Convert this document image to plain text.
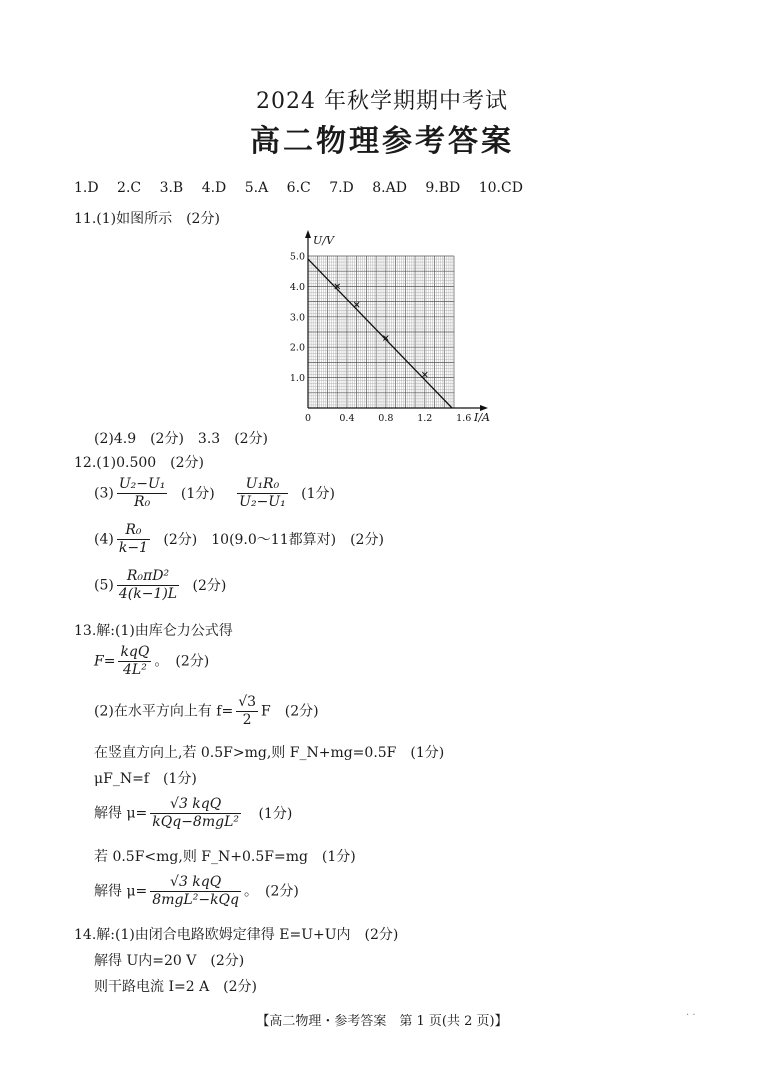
2024 年秋学期期中考试
高二物理参考答案
1.D 2.C 3.B 4.D 5.A 6.C 7.D 8.AD 9.BD 10.CD
11.(1)如图所示　(2分)
U/V
I/A
0	0.4	0.8	1.2	1.6
1.0
2.0
3.0
4.0
5.0
(2)4.9　(2分)　3.3　(2分)
12.(1)0.500　(2分)
$(3) \frac{\text{U₂−U₁}}{\text{R₀}} (1$分) $\frac{\text{U₁R₀}}{\text{U₂−U₁}} (1$分)
$(4) \frac{\text{R₀}}{k-1} (2$分)　10(9.0～11都算对)　(2分)
$(5) \frac{\text{R₀πD²}}{4(k-1)L} (2$分)
13.解:(1)由库仑力公式得
$F= \frac{\text{kqQ}}{\text{4L²}}$ 。　(2分)
(2)在水平方向上有 $f= \frac{√3}{2}$ F　(2分)
在竖直方向上,若 0.5F>mg,则 F_N+mg=0.5F　(1分)
μF_N=f　(1分)
解得 $\mu= \frac{\text{√3 kqQ}}{\text{kQq−8mgL²}} (1$分)
若 0.5F<mg,则 F_N+0.5F=mg　(1分)
解得 $\mu= \frac{\text{√3 kqQ}}{\text{8mgL²−kQq}}$ 。　(2分)
14.解:(1)由闭合电路欧姆定律得 E=U+U内　(2分)
解得 U内=20 V　(2分)
则干路电流 I=2 A　(2分)
【高二物理・参考答案　第 1 页(共 2 页)】	· ·
